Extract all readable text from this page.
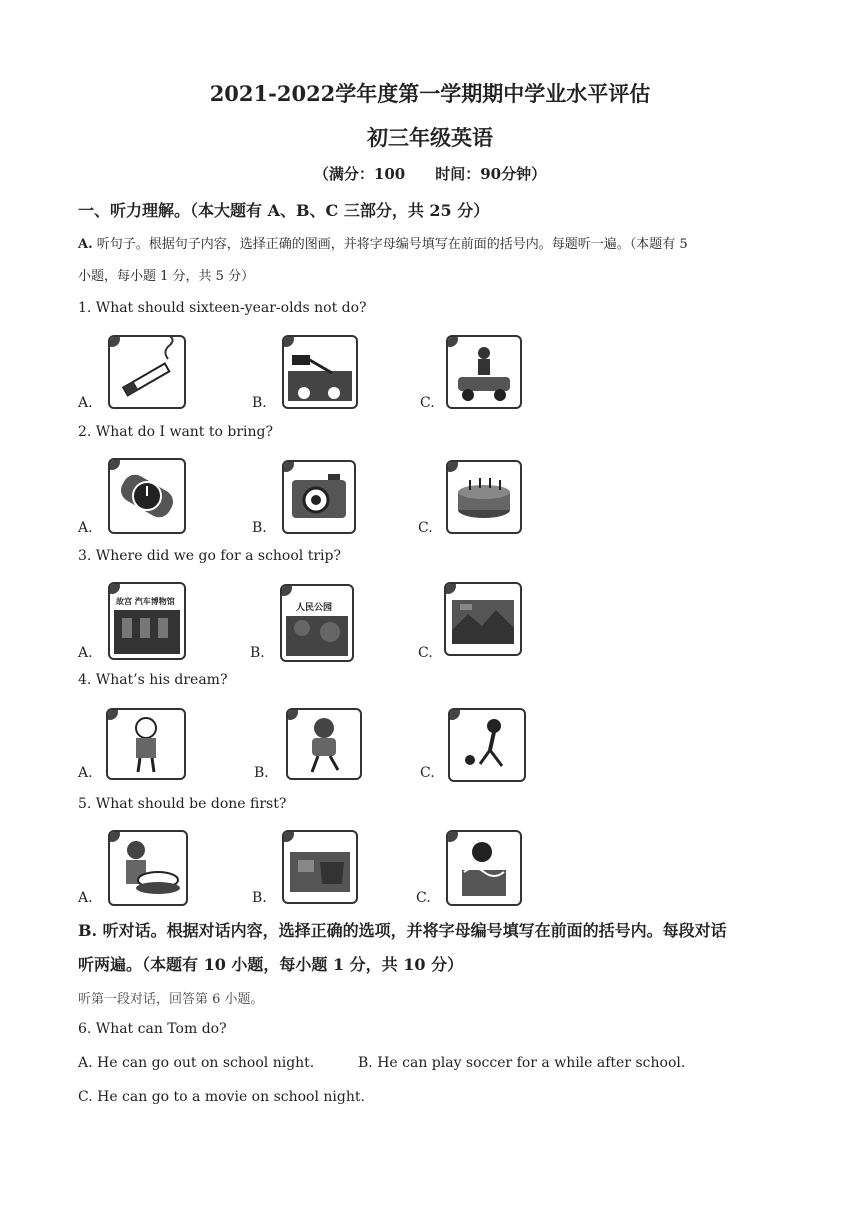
2021-2022学年度第一学期期中学业水平评估
初三年级英语
（满分：100 时间：90分钟）
一、听力理解。（本大题有 A、B、C 三部分，共 25 分）
A. 听句子。根据句子内容，选择正确的图画，并将字母编号填写在前面的括号内。每题听一遍。（本题有 5
小题，每小题 1 分，共 5 分）
1. What should sixteen-year-olds not do?
A.	B.	C.
2. What do I want to bring?
A.	B.	C.
3. Where did we go for a school trip?
A.
故宫 汽车博物馆
B.
人民公园
C.
4. What’s his dream?
A.	B.	C.
5. What should be done first?
A.	B.	C.
B. 听对话。根据对话内容，选择正确的选项，并将字母编号填写在前面的括号内。每段对话
听两遍。（本题有 10 小题，每小题 1 分，共 10 分）
听第一段对话，回答第 6 小题。
6. What can Tom do?
A. He can go out on school night.	B. He can play soccer for a while after school.
C. He can go to a movie on school night.
